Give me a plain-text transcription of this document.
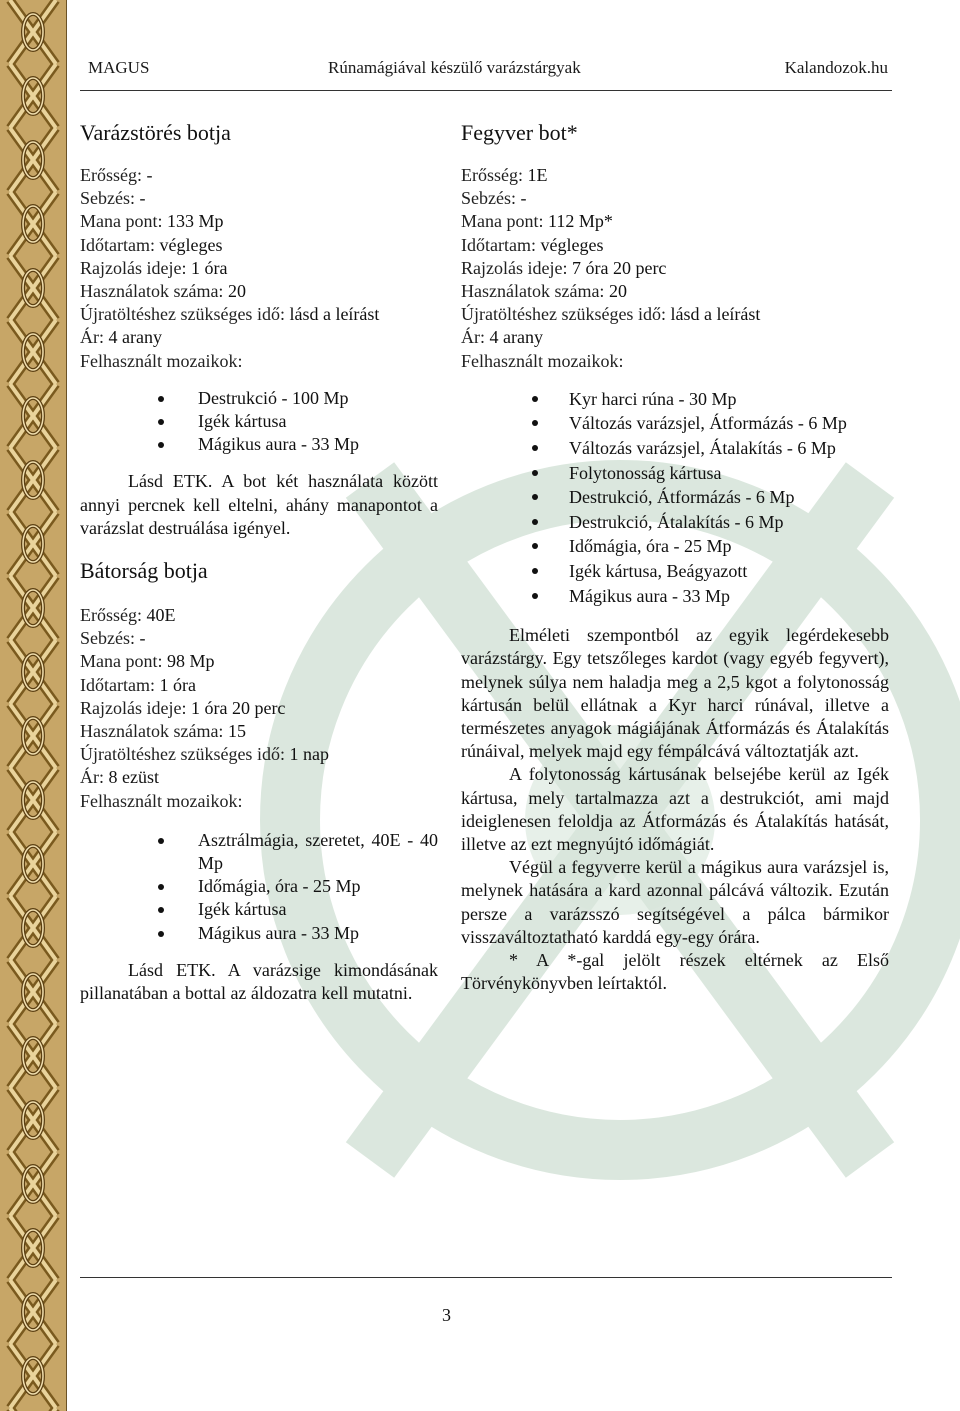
MAGUS	Rúnamágiával készülő varázstárgyak	Kalandozok.hu
Varázstörés botja
Erősség: -
Sebzés: -
Mana pont: 133 Mp
Időtartam: végleges
Rajzolás ideje: 1 óra
Használatok száma: 20
Újratöltéshez szükséges idő: lásd a leírást
Ár: 4 arany
Felhasznált mozaikok:
Destrukció - 100 Mp
Igék kártusa
Mágikus aura - 33 Mp

Lásd ETK. A bot két használata között annyi percnek kell eltelni, ahány manapontot a varázslat destruálása igényel.

Bátorság botja
Erősség: 40E
Sebzés: -
Mana pont: 98 Mp
Időtartam: 1 óra
Rajzolás ideje: 1 óra 20 perc
Használatok száma: 15
Újratöltéshez szükséges idő: 1 nap
Ár: 8 ezüst
Felhasznált mozaikok:
Asztrálmágia, szeretet, 40E - 40 Mp
Időmágia, óra - 25 Mp
Igék kártusa
Mágikus aura - 33 Mp

Lásd ETK. A varázsige kimondásának pillanatában a bottal az áldozatra kell mutatni.

Fegyver bot*
Erősség: 1E
Sebzés: -
Mana pont: 112 Mp*
Időtartam: végleges
Rajzolás ideje: 7 óra 20 perc
Használatok száma: 20
Újratöltéshez szükséges idő: lásd a leírást
Ár: 4 arany
Felhasznált mozaikok:
Kyr harci rúna - 30 Mp
Változás varázsjel, Átformázás - 6 Mp
Változás varázsjel, Átalakítás - 6 Mp
Folytonosság kártusa
Destrukció, Átformázás - 6 Mp
Destrukció, Átalakítás - 6 Mp
Időmágia, óra - 25 Mp
Igék kártusa, Beágyazott
Mágikus aura - 33 Mp

Elméleti szempontból az egyik legérdekesebb varázstárgy. Egy tetszőleges kardot (vagy egyéb fegyvert), melynek súlya nem haladja meg a 2,5 kgot a folytonosság kártusán belül ellátnak a Kyr harci rúnával, illetve a természetes anyagok mágiájának Átformázás és Átalakítás rúnáival, melyek majd egy fémpálcává változtatják azt.

A folytonosság kártusának belsejébe kerül az Igék kártusa, mely tartalmazza azt a destrukciót, ami majd ideiglenesen feloldja az Átformázás és Átalakítás hatását, illetve az ezt megnyújtó időmágiát.

Végül a fegyverre kerül a mágikus aura varázsjel is, melynek hatására a kard azonnal pálcává változik. Ezután persze a varázsszó segítségével a pálca bármikor visszaváltoztatható karddá egy-egy órára.

* A *-gal jelölt részek eltérnek az Első Törvénykönyvben leírtaktól.

3
